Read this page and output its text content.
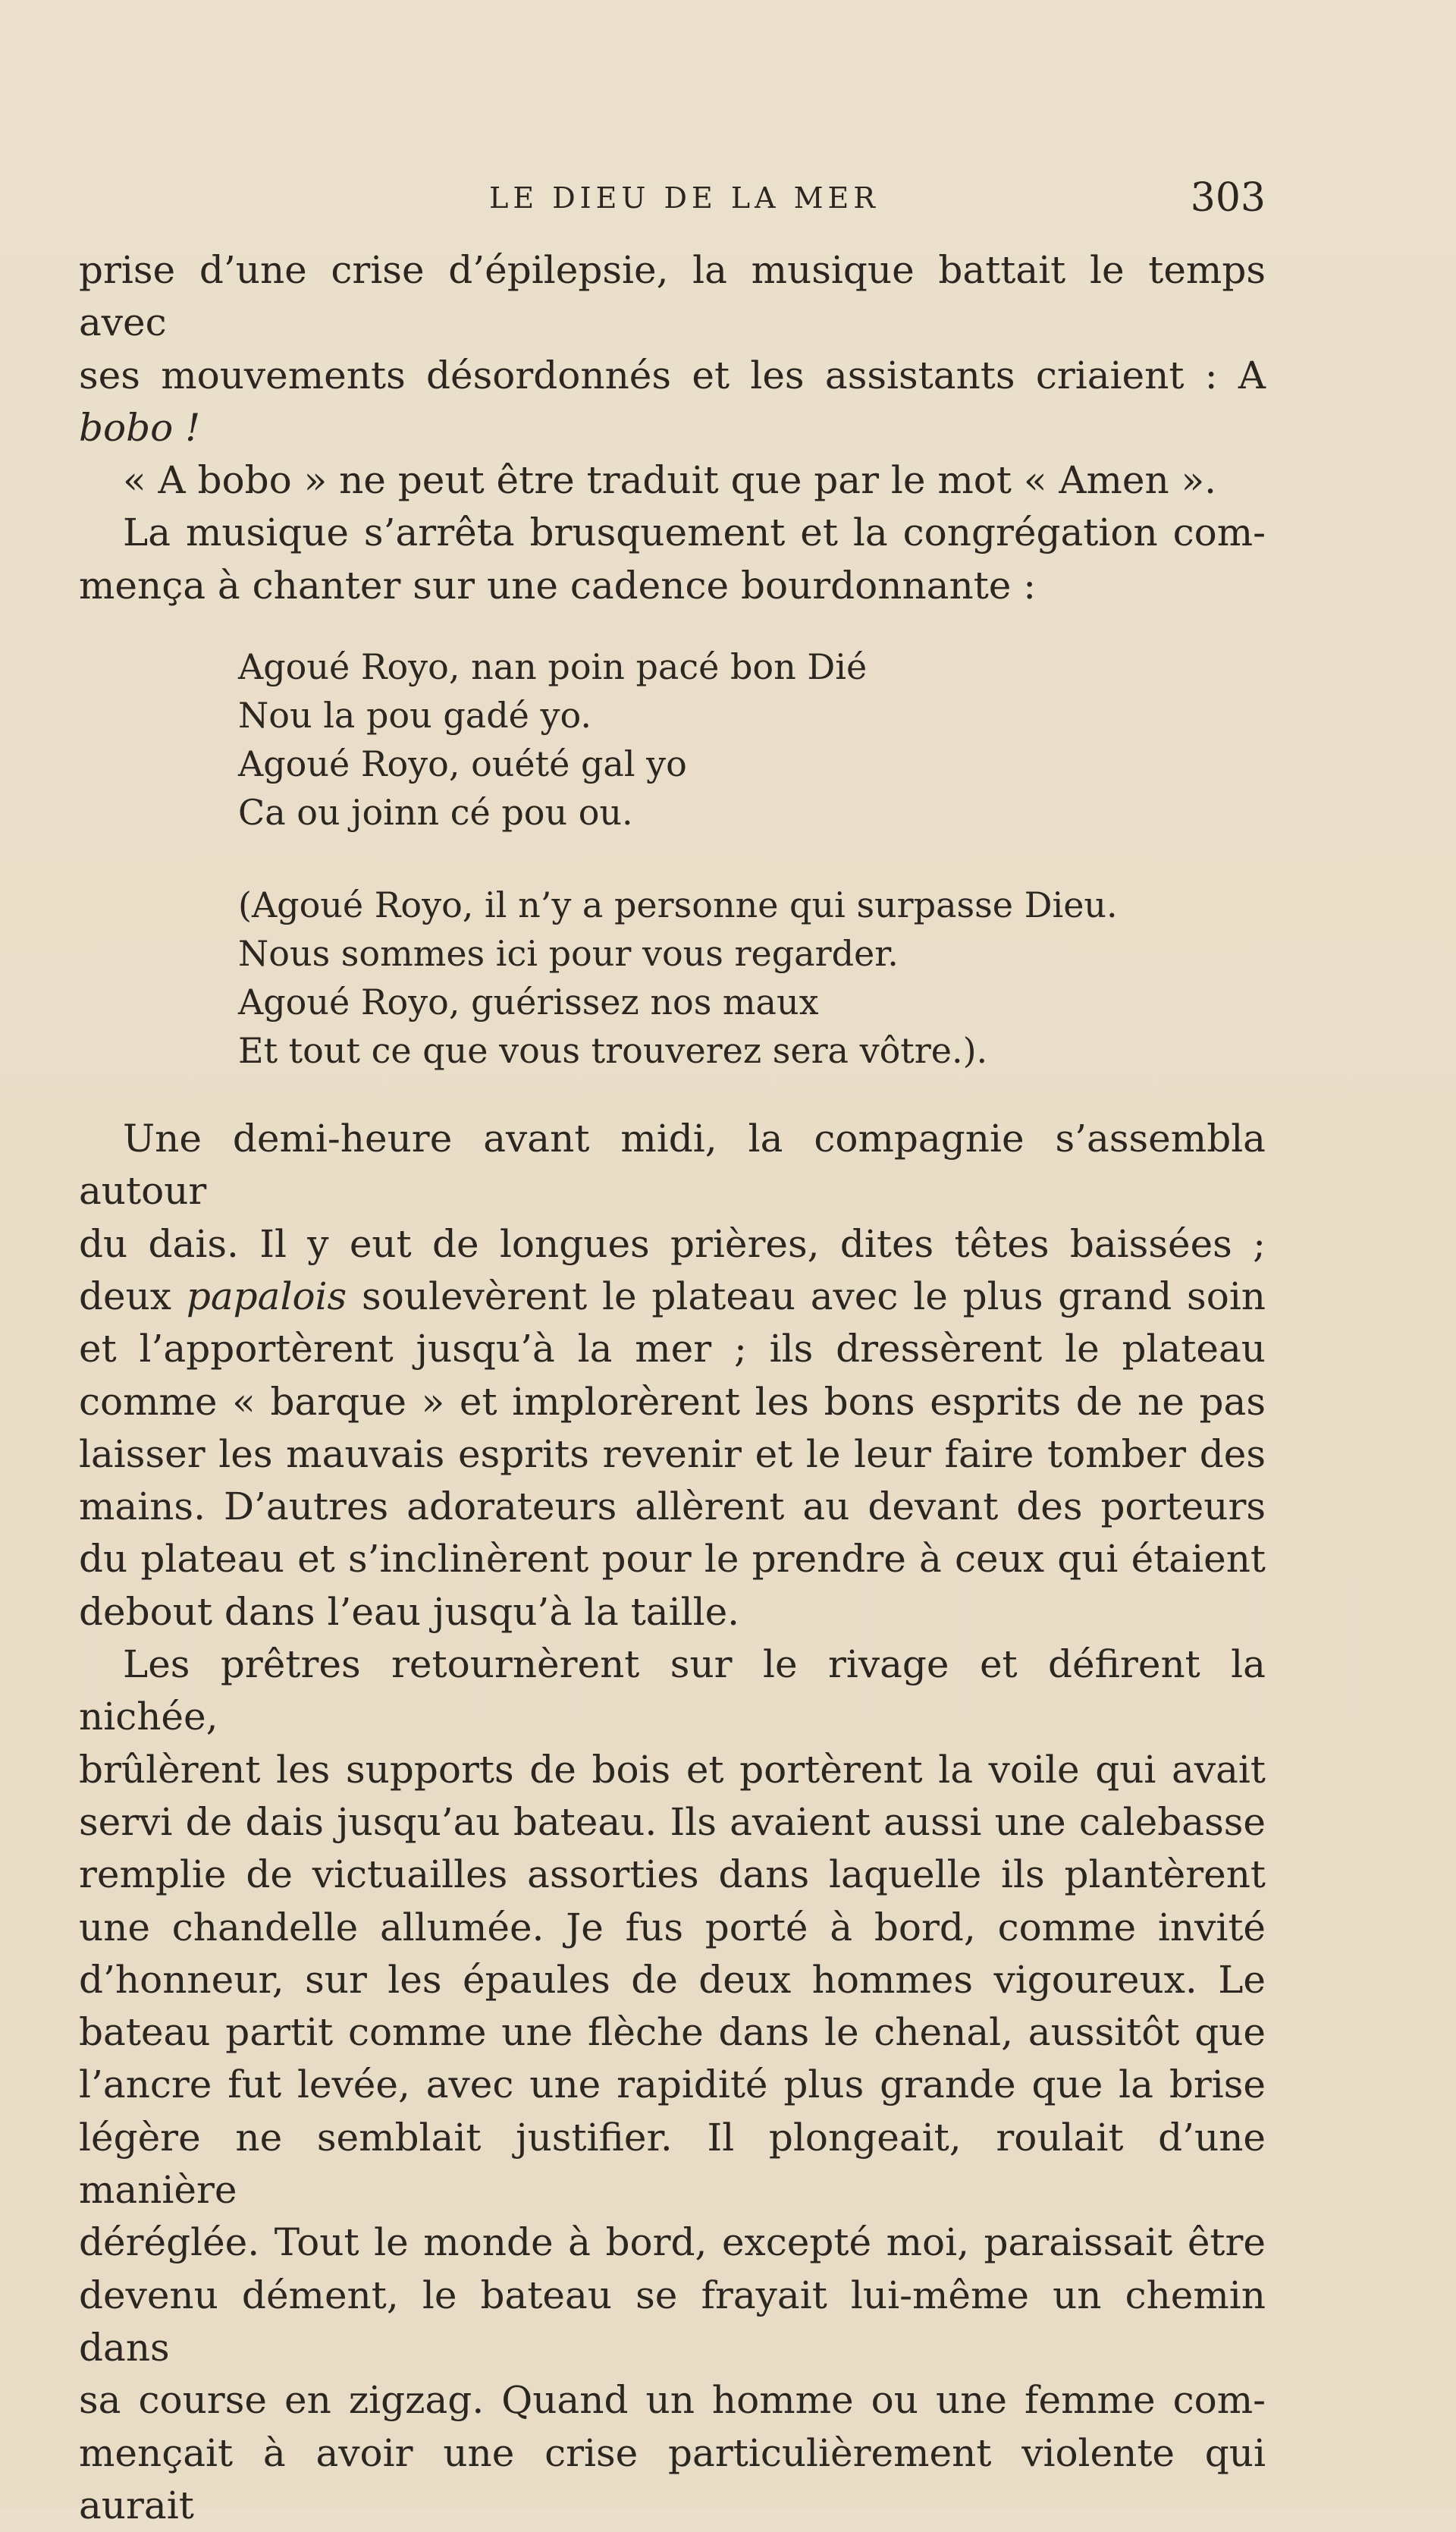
LE DIEU DE LA MER	303

prise d’une crise d’épilepsie, la musique battait le temps avec

ses mouvements désordonnés et les assistants criaient : A

bobo !

« A bobo » ne peut être traduit que par le mot « Amen ».

La musique s’arrêta brusquement et la congrégation com-

mença à chanter sur une cadence bourdonnante :

Agoué Royo, nan poin pacé bon Dié

Nou la pou gadé yo.

Agoué Royo, ouété gal yo

Ca ou joinn cé pou ou.

(Agoué Royo, il n’y a personne qui surpasse Dieu.

Nous sommes ici pour vous regarder.

Agoué Royo, guérissez nos maux

Et tout ce que vous trouverez sera vôtre.).

Une demi-heure avant midi, la compagnie s’assembla autour

du dais. Il y eut de longues prières, dites têtes baissées ;

deux papalois soulevèrent le plateau avec le plus grand soin

et l’apportèrent jusqu’à la mer ; ils dressèrent le plateau

comme « barque » et implorèrent les bons esprits de ne pas

laisser les mauvais esprits revenir et le leur faire tomber des

mains. D’autres adorateurs allèrent au devant des porteurs

du plateau et s’inclinèrent pour le prendre à ceux qui étaient

debout dans l’eau jusqu’à la taille.

Les prêtres retournèrent sur le rivage et défirent la nichée,

brûlèrent les supports de bois et portèrent la voile qui avait

servi de dais jusqu’au bateau. Ils avaient aussi une calebasse

remplie de victuailles assorties dans laquelle ils plantèrent

une chandelle allumée. Je fus porté à bord, comme invité

d’honneur, sur les épaules de deux hommes vigoureux. Le

bateau partit comme une flèche dans le chenal, aussitôt que

l’ancre fut levée, avec une rapidité plus grande que la brise

légère ne semblait justifier. Il plongeait, roulait d’une manière

déréglée. Tout le monde à bord, excepté moi, paraissait être

devenu dément, le bateau se frayait lui-même un chemin dans

sa course en zigzag. Quand un homme ou une femme com-

mençait à avoir une crise particulièrement violente qui aurait
